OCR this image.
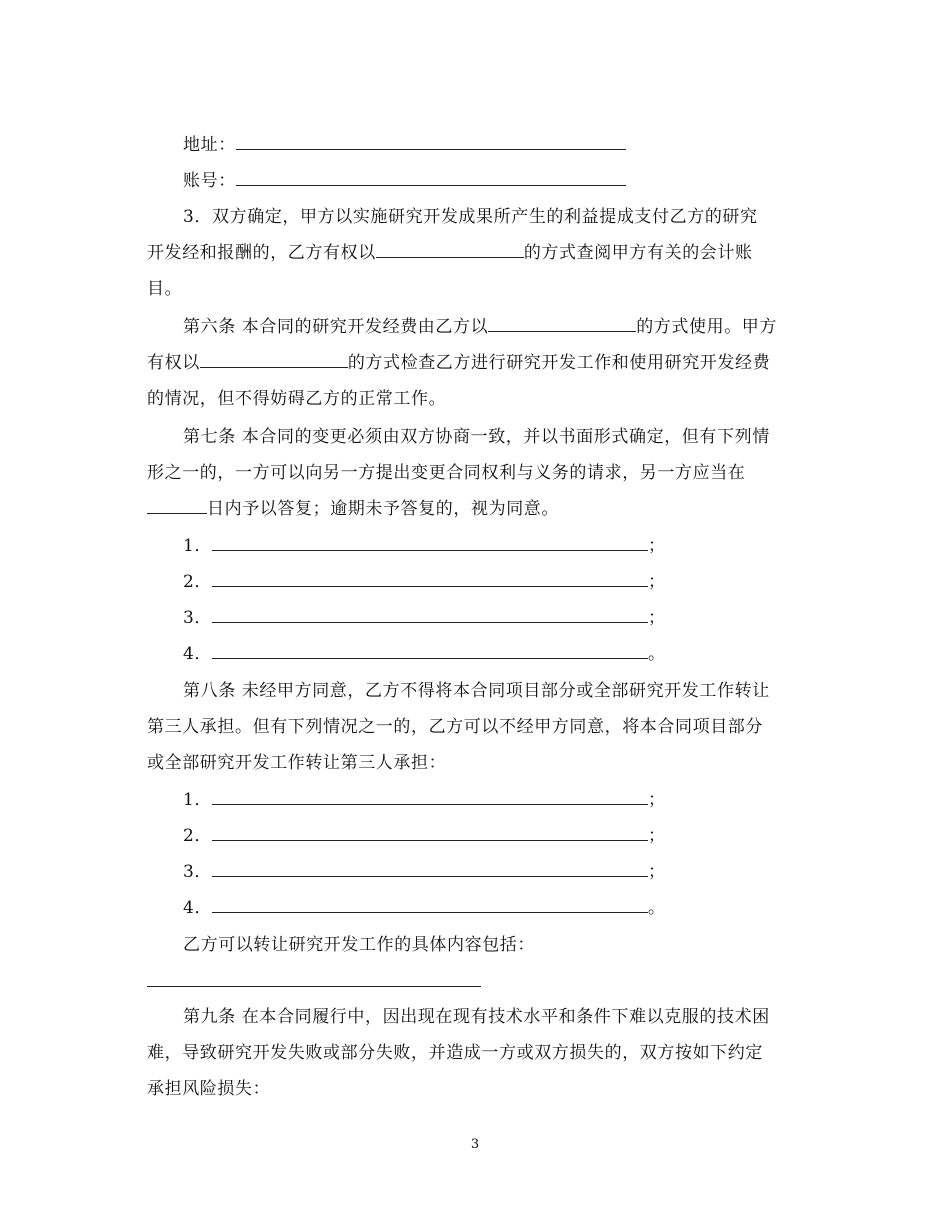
地址：
账号：
3．双方确定，甲方以实施研究开发成果所产生的利益提成支付乙方的研究
开发经和报酬的，乙方有权以	的方式查阅甲方有关的会计账
目。
第六条 本合同的研究开发经费由乙方以	的方式使用。甲方
有权以	的方式检查乙方进行研究开发工作和使用研究开发经费
的情况，但不得妨碍乙方的正常工作。
第七条 本合同的变更必须由双方协商一致，并以书面形式确定，但有下列情
形之一的，一方可以向另一方提出变更合同权利与义务的请求，另一方应当在
日内予以答复；逾期未予答复的，视为同意。
1．	；
2．	；
3．	；
4．	。
第八条 未经甲方同意，乙方不得将本合同项目部分或全部研究开发工作转让
第三人承担。但有下列情况之一的，乙方可以不经甲方同意，将本合同项目部分
或全部研究开发工作转让第三人承担：
1．	；
2．	；
3．	；
4．	。
乙方可以转让研究开发工作的具体内容包括：
第九条 在本合同履行中，因出现在现有技术水平和条件下难以克服的技术困
难，导致研究开发失败或部分失败，并造成一方或双方损失的，双方按如下约定
承担风险损失：
3
